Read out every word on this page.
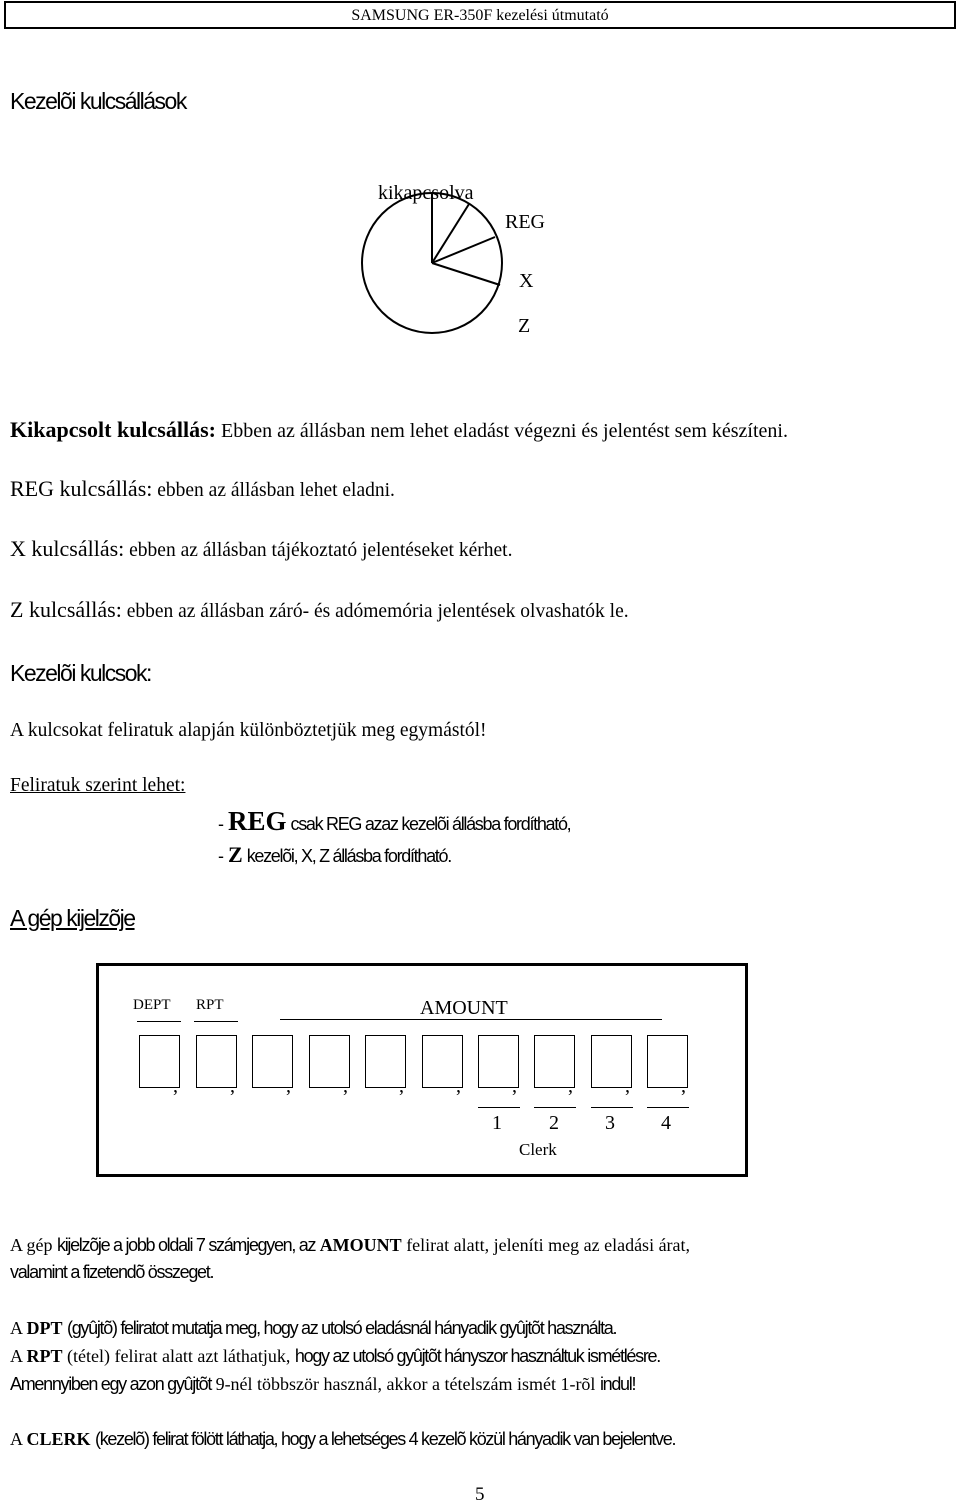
SAMSUNG ER-350F kezelési útmutató
Kezelõi kulcsállások
kikapcsolva
REG
X
Z
Kikapcsolt kulcsállás: Ebben az állásban nem lehet eladást végezni és jelentést sem készíteni.
REG kulcsállás: ebben az állásban lehet eladni.
X kulcsállás: ebben az állásban tájékoztató jelentéseket kérhet.
Z kulcsállás: ebben az állásban záró- és adómemória jelentések olvashatók le.
Kezelõi kulcsok:
A kulcsokat feliratuk alapján különböztetjük meg egymástól!
Feliratuk szerint lehet:
- REG csak REG azaz kezelõi állásba fordítható,
- Z kezelõi, X, Z állásba fordítható.
A gép kijelzõje
DEPT RPT	AMOUNT
,	,	,	,	,	,	,	,	,	,
1 2 3 4
Clerk
A gép kijelzõje a jobb oldali 7 számjegyen, az AMOUNT felirat alatt, jeleníti meg az eladási árat,
valamint a fizetendõ összeget.
A DPT (gyûjtõ) feliratot mutatja meg, hogy az utolsó eladásnál hányadik gyûjtõt használta.
A RPT (tétel) felirat alatt azt láthatjuk, hogy az utolsó gyûjtõt hányszor használtuk ismétlésre.
Amennyiben egy azon gyûjtõt 9-nél többször használ, akkor a tételszám ismét 1-rõl indul!
A CLERK (kezelõ) felirat fölött láthatja, hogy a lehetséges 4 kezelõ közül hányadik van bejelentve.
5
